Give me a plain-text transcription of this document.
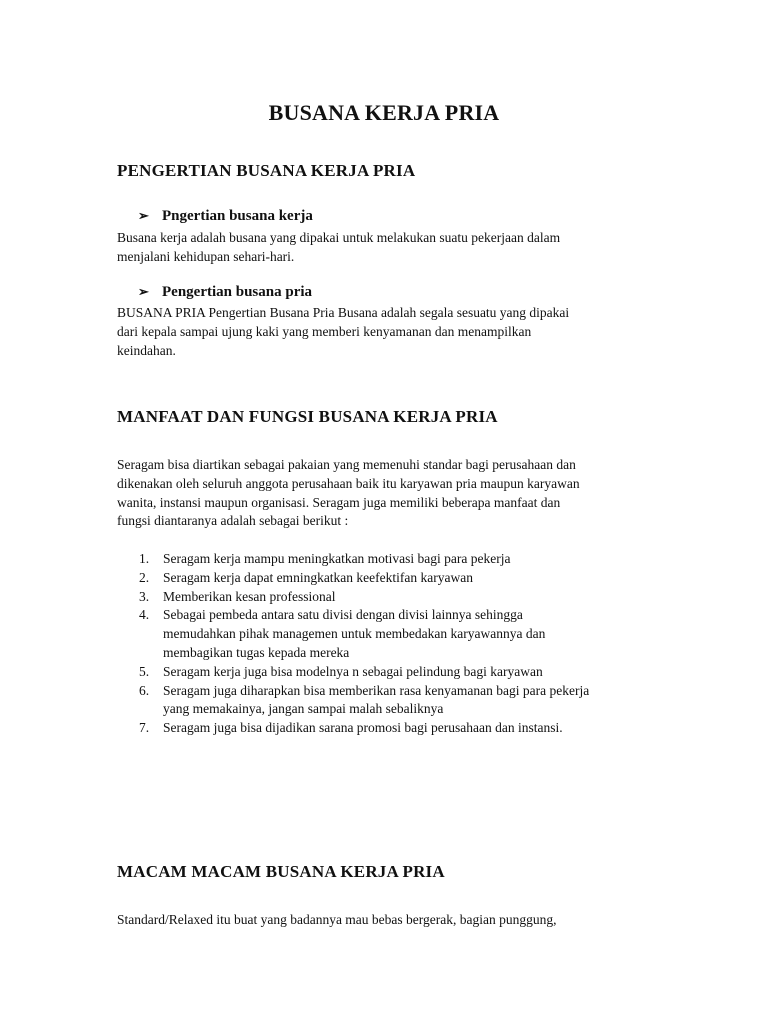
BUSANA KERJA PRIA
PENGERTIAN BUSANA KERJA PRIA
➢ Pngertian busana kerja
Busana kerja adalah busana yang dipakai untuk melakukan suatu pekerjaan dalam
menjalani kehidupan sehari-hari.
➢ Pengertian busana pria
BUSANA PRIA Pengertian Busana Pria Busana adalah segala sesuatu yang dipakai
dari kepala sampai ujung kaki yang memberi kenyamanan dan menampilkan
keindahan.
MANFAAT DAN FUNGSI BUSANA KERJA PRIA
Seragam bisa diartikan sebagai pakaian yang memenuhi standar bagi perusahaan dan
dikenakan oleh seluruh anggota perusahaan baik itu karyawan pria maupun karyawan
wanita, instansi maupun organisasi. Seragam juga memiliki beberapa manfaat dan
fungsi diantaranya adalah sebagai berikut :
1. Seragam kerja mampu meningkatkan motivasi bagi para pekerja
2. Seragam kerja dapat emningkatkan keefektifan karyawan
3. Memberikan kesan professional
4. Sebagai pembeda antara satu divisi dengan divisi lainnya sehingga
memudahkan pihak managemen untuk membedakan karyawannya dan
membagikan tugas kepada mereka
5. Seragam kerja juga bisa modelnya n sebagai pelindung bagi karyawan
6. Seragam juga diharapkan bisa memberikan rasa kenyamanan bagi para pekerja
yang memakainya, jangan sampai malah sebaliknya
7. Seragam juga bisa dijadikan sarana promosi bagi perusahaan dan instansi.
MACAM MACAM BUSANA KERJA PRIA
Standard/Relaxed itu buat yang badannya mau bebas bergerak, bagian punggung,
